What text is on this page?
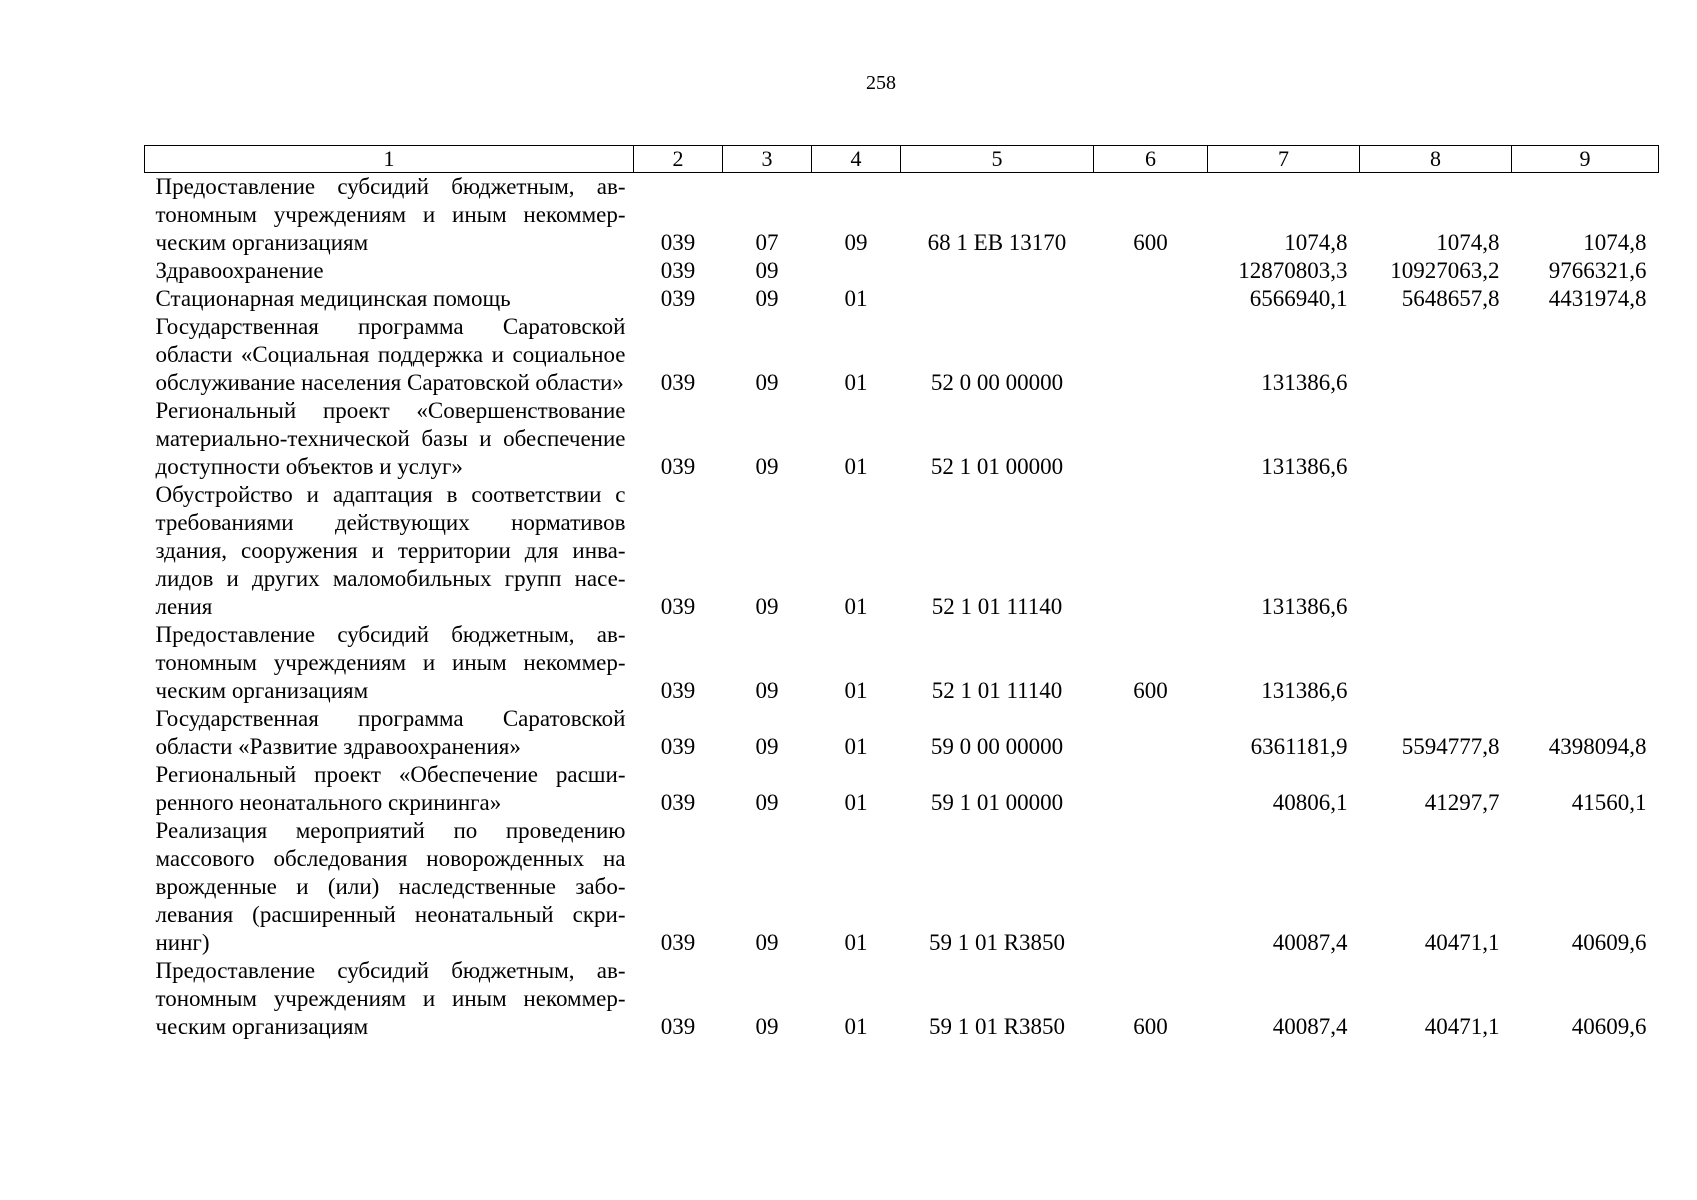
258
1	2	3	4	5	6	7	8	9
Предоставление субсидий бюджетным, автономным учреждениям и иным некоммерческим организациям	039	07	09	68 1 ЕВ 13170	600	1074,8	1074,8	1074,8
Здравоохранение	039	09				12870803,3	10927063,2	9766321,6
Стационарная медицинская помощь	039	09	01			6566940,1	5648657,8	4431974,8
Государственная программа Саратовской области «Социальная поддержка и социальное обслуживание населения Саратовской области»	039	09	01	52 0 00 00000		131386,6		
Региональный проект «Совершенствование материально-технической базы и обеспечение доступности объектов и услуг»	039	09	01	52 1 01 00000		131386,6		
Обустройство и адаптация в соответствии с требованиями действующих нормативов здания, сооружения и территории для инвалидов и других маломобильных групп населения	039	09	01	52 1 01 11140		131386,6		
Предоставление субсидий бюджетным, автономным учреждениям и иным некоммерческим организациям	039	09	01	52 1 01 11140	600	131386,6		
Государственная программа Саратовской области «Развитие здравоохранения»	039	09	01	59 0 00 00000		6361181,9	5594777,8	4398094,8
Региональный проект «Обеспечение расширенного неонатального скрининга»	039	09	01	59 1 01 00000		40806,1	41297,7	41560,1
Реализация мероприятий по проведению массового обследования новорожденных на врожденные и (или) наследственные заболевания (расширенный неонатальный скрининг)	039	09	01	59 1 01 R3850		40087,4	40471,1	40609,6
Предоставление субсидий бюджетным, автономным учреждениям и иным некоммерческим организациям	039	09	01	59 1 01 R3850	600	40087,4	40471,1	40609,6
